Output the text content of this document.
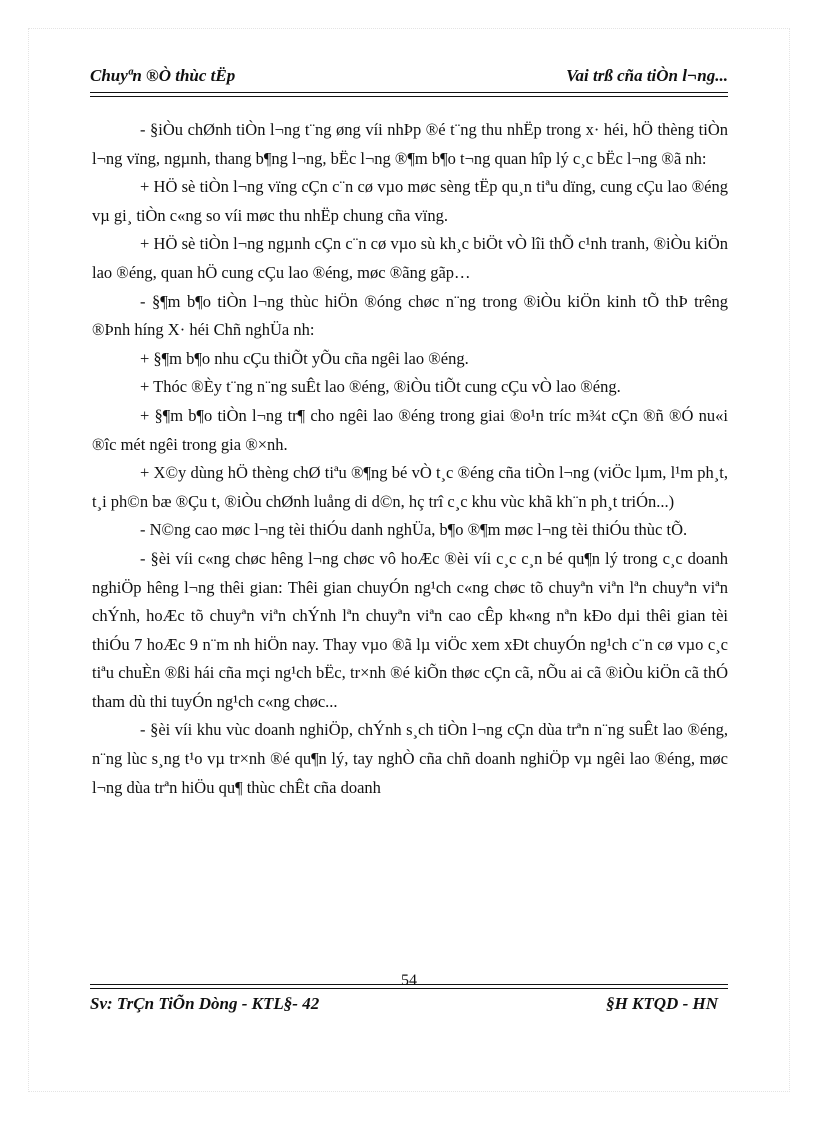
Chuyªn ®Ò thùc tËp	Vai trß cña tiÒn l¬ng...

- §iÒu chØnh tiÒn l¬ng t¨ng øng víi nhÞp ®é t¨ng thu nhËp trong x· héi, hÖ thèng tiÒn l¬ng vïng, ngµnh, thang b¶ng l¬ng, bËc l¬ng ®¶m b¶o t¬ng quan hîp lý c¸c bËc l¬ng ®ã nh:

+ HÖ sè tiÒn l¬ng vïng cÇn c¨n cø vµo møc sèng tËp qu¸n tiªu dïng, cung cÇu lao ®éng vµ gi¸ tiÒn c«ng so víi møc thu nhËp chung cña vïng.

+ HÖ sè tiÒn l¬ng ngµnh cÇn c¨n cø vµo sù kh¸c biÖt vÒ lîi thÕ c¹nh tranh, ®iÒu kiÖn lao ®éng, quan hÖ cung cÇu lao ®éng, møc ®ãng gãp…

- §¶m b¶o tiÒn l¬ng thùc hiÖn ®óng chøc n¨ng trong ®iÒu kiÖn kinh tÕ thÞ trêng ®Þnh híng X· héi Chñ nghÜa nh:

+ §¶m b¶o nhu cÇu thiÕt yÕu cña ngêi lao ®éng.

+ Thóc ®Èy t¨ng n¨ng suÊt lao ®éng, ®iÒu tiÕt cung cÇu vÒ lao ®éng.

+ §¶m b¶o tiÒn l¬ng tr¶ cho ngêi lao ®éng trong giai ®o¹n tríc m¾t cÇn ®ñ ®Ó nu«i ®îc mét ngêi trong gia ®×nh.

+ X©y dùng hÖ thèng chØ tiªu ®¶ng bé vÒ t¸c ®éng cña tiÒn l¬ng (viÖc lµm, l¹m ph¸t, t¸i ph©n bæ ®Çu t, ®iÒu chØnh luång di d©n, hç trî c¸c khu vùc khã kh¨n ph¸t triÓn...)

- N©ng cao møc l¬ng tèi thiÓu danh nghÜa, b¶o ®¶m møc l¬ng tèi thiÓu thùc tÕ.

- §èi víi c«ng chøc hêng l¬ng chøc vô hoÆc ®èi víi c¸c c¸n bé qu¶n lý trong c¸c doanh nghiÖp hêng l¬ng thêi gian: Thêi gian chuyÓn ng¹ch c«ng chøc tõ chuyªn viªn lªn chuyªn viªn chÝnh, hoÆc tõ chuyªn viªn chÝnh lªn chuyªn viªn cao cÊp kh«ng nªn kÐo dµi thêi gian tèi thiÓu 7 hoÆc 9 n¨m nh hiÖn nay. Thay vµo ®ã lµ viÖc xem xÐt chuyÓn ng¹ch c¨n cø vµo c¸c tiªu chuÈn ®ßi hái cña mçi ng¹ch bËc, tr×nh ®é kiÕn thøc cÇn cã, nÕu ai cã ®iÒu kiÖn cã thÓ tham dù thi tuyÓn ng¹ch c«ng chøc...

- §èi víi khu vùc doanh nghiÖp, chÝnh s¸ch tiÒn l¬ng cÇn dùa trªn n¨ng suÊt lao ®éng, n¨ng lùc s¸ng t¹o vµ tr×nh ®é qu¶n lý, tay nghÒ cña chñ doanh nghiÖp vµ ngêi lao ®éng, møc l¬ng dùa trªn hiÖu qu¶ thùc chÊt cña doanh

54
Sv: TrÇn TiÕn Dòng - KTL§- 42	§H KTQD - HN
